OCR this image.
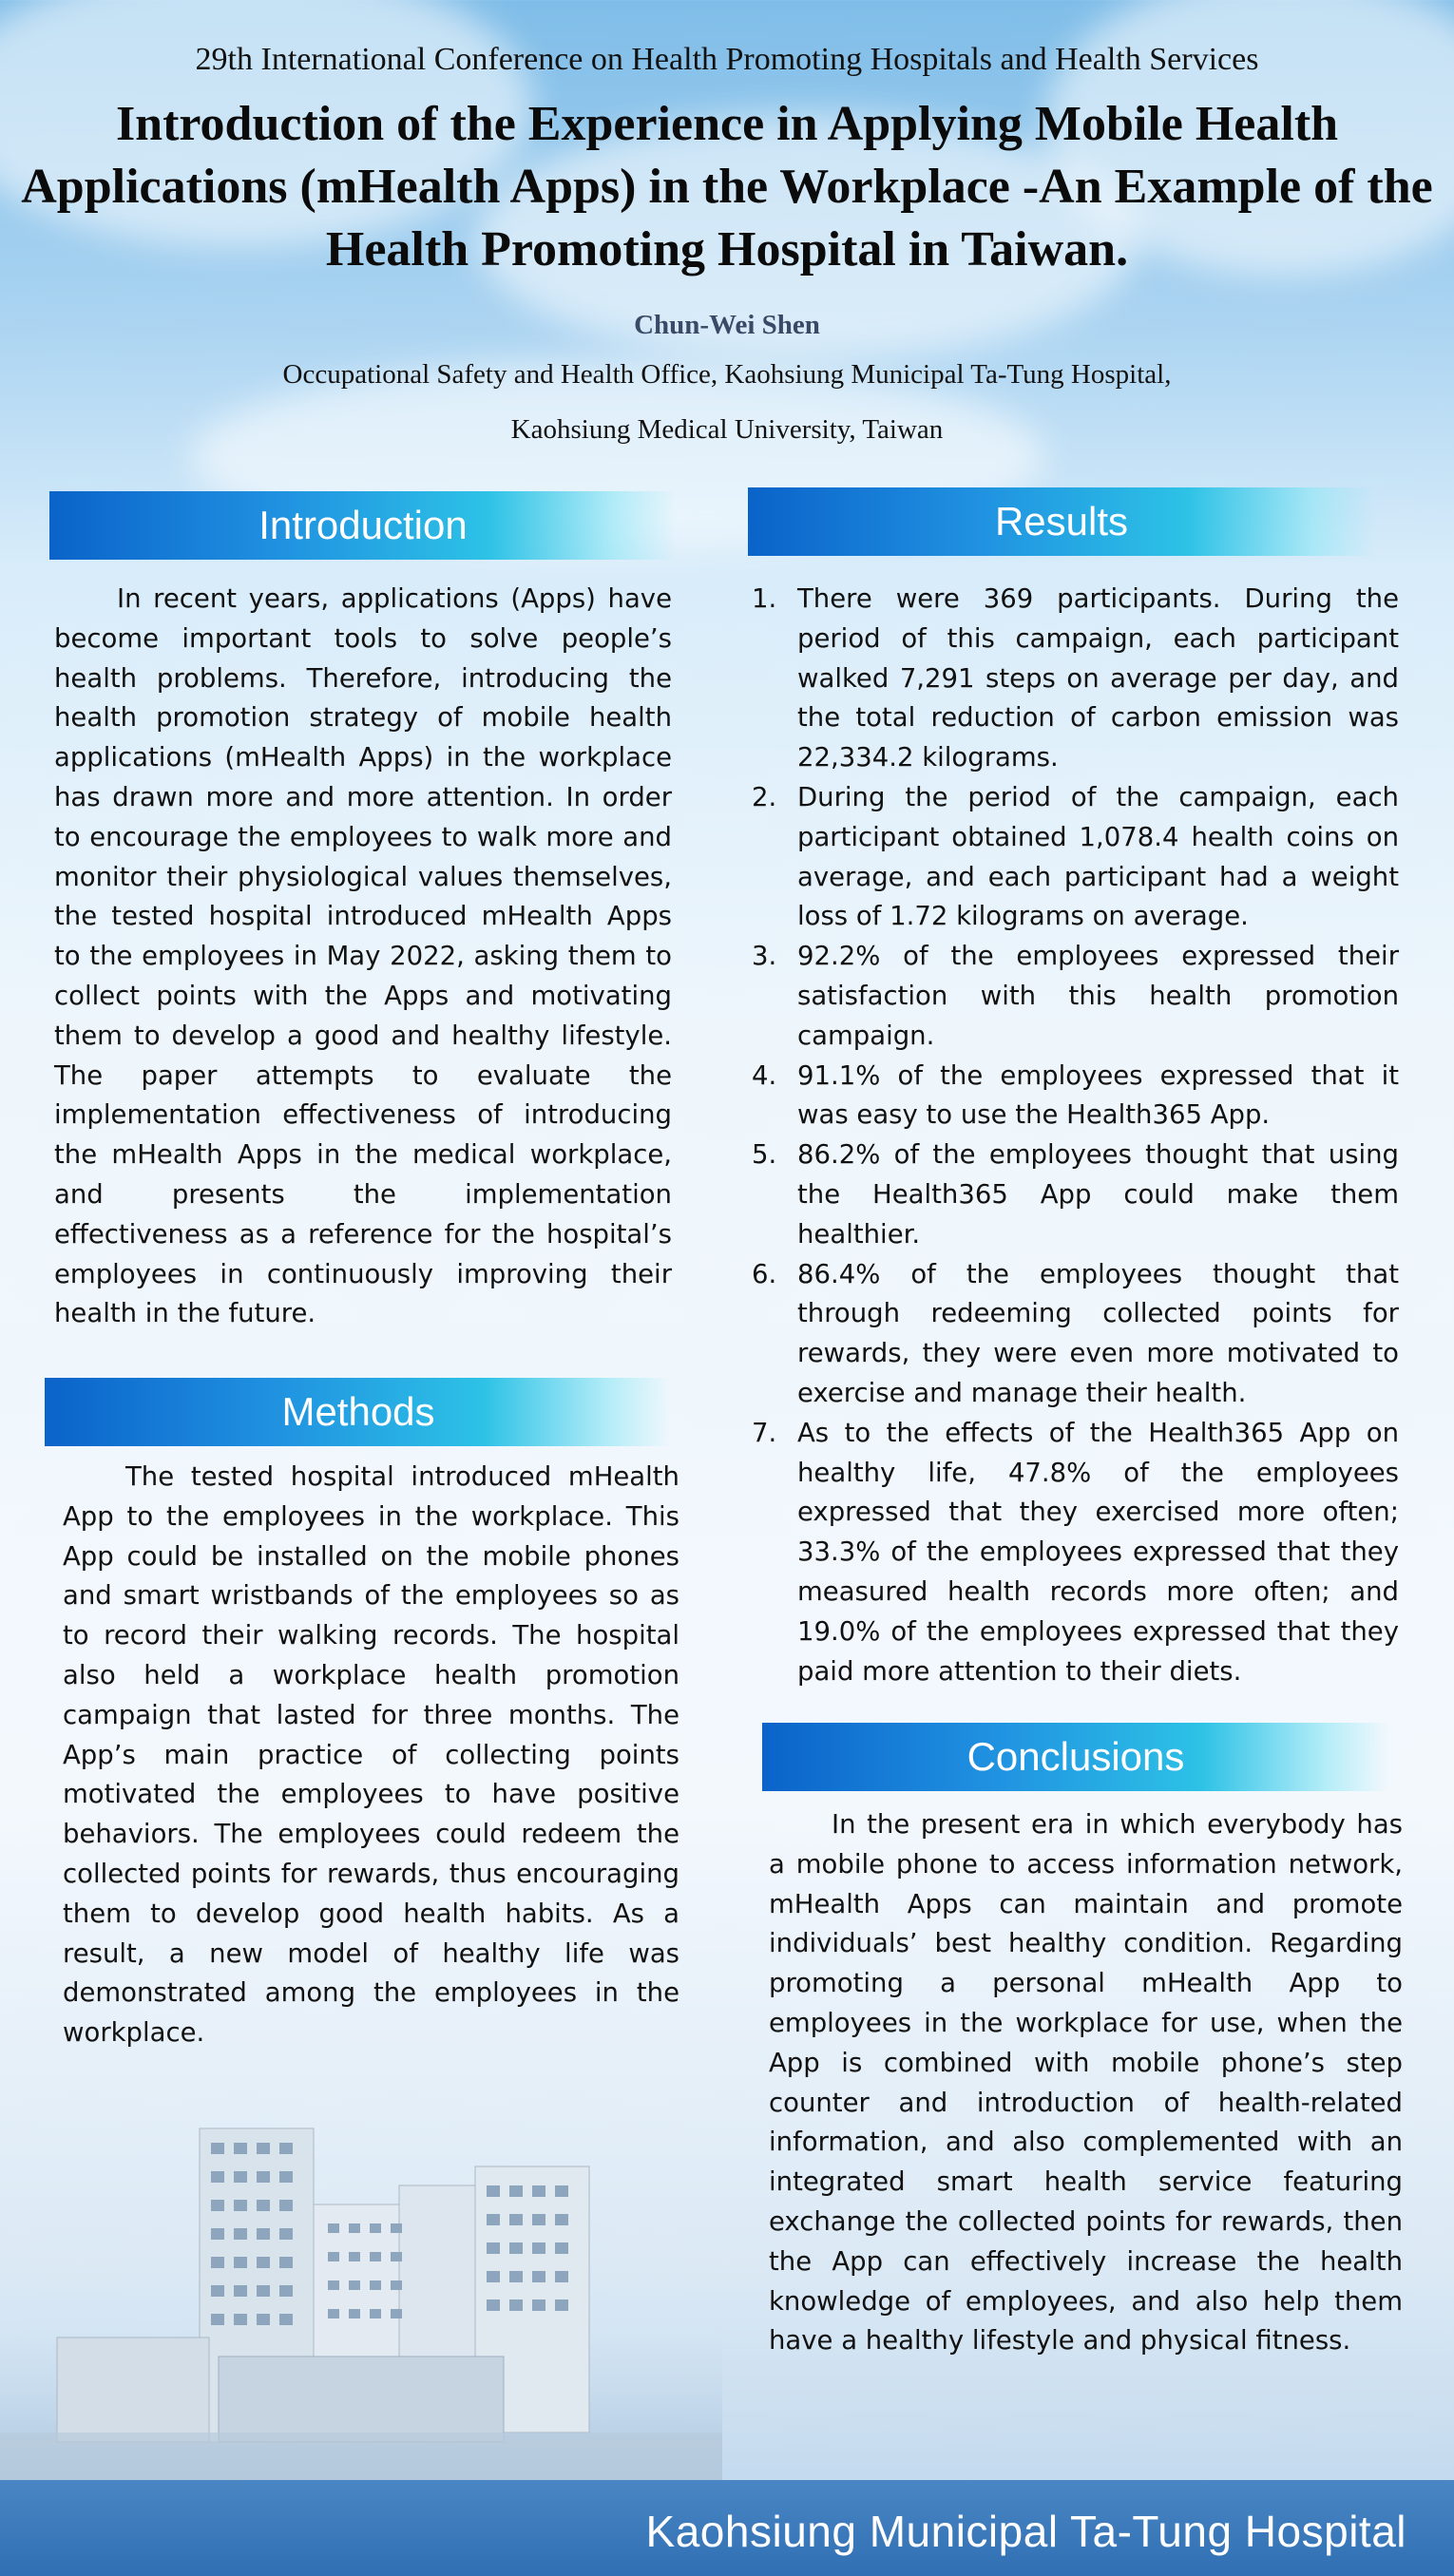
29th International Conference on Health Promoting Hospitals and Health Services
Introduction of the Experience in Applying Mobile Health Applications (mHealth Apps) in the Workplace -An Example of the Health Promoting Hospital in Taiwan.
Chun-Wei Shen
Occupational Safety and Health Office, Kaohsiung Municipal Ta-Tung Hospital,
Kaohsiung Medical University, Taiwan
Introduction

In recent years, applications (Apps) have become important tools to solve people’s health problems. Therefore, introducing the health promotion strategy of mobile health applications (mHealth Apps) in the workplace has drawn more and more attention. In order to encourage the employees to walk more and monitor their physiological values themselves, the tested hospital introduced mHealth Apps to the employees in May 2022, asking them to collect points with the Apps and motivating them to develop a good and healthy lifestyle. The paper attempts to evaluate the implementation effectiveness of introducing the mHealth Apps in the medical workplace, and presents the implementation effectiveness as a reference for the hospital’s employees in continuously improving their health in the future.

Methods

The tested hospital introduced mHealth App to the employees in the workplace. This App could be installed on the mobile phones and smart wristbands of the employees so as to record their walking records. The hospital also held a workplace health promotion campaign that lasted for three months. The App’s main practice of collecting points motivated the employees to have positive behaviors. The employees could redeem the collected points for rewards, thus encouraging them to develop good health habits. As a result, a new model of healthy life was demonstrated among the employees in the workplace.

Results
1. There were 369 participants. During the period of this campaign, each participant walked 7,291 steps on average per day, and the total reduction of carbon emission was 22,334.2 kilograms.
2. During the period of the campaign, each participant obtained 1,078.4 health coins on average, and each participant had a weight loss of 1.72 kilograms on average.
3. 92.2% of the employees expressed their satisfaction with this health promotion campaign.
4. 91.1% of the employees expressed that it was easy to use the Health365 App.
5. 86.2% of the employees thought that using the Health365 App could make them healthier.
6. 86.4% of the employees thought that through redeeming collected points for rewards, they were even more motivated to exercise and manage their health.
7. As to the effects of the Health365 App on healthy life, 47.8% of the employees expressed that they exercised more often; 33.3% of the employees expressed that they measured health records more often; and 19.0% of the employees expressed that they paid more attention to their diets.
Conclusions

In the present era in which everybody has a mobile phone to access information network, mHealth Apps can maintain and promote individuals’ best healthy condition. Regarding promoting a personal mHealth App to employees in the workplace for use, when the App is combined with mobile phone’s step counter and introduction of health-related information, and also complemented with an integrated smart health service featuring exchange the collected points for rewards, then the App can effectively increase the health knowledge of employees, and also help them have a healthy lifestyle and physical fitness.

Kaohsiung Municipal Ta-Tung Hospital
